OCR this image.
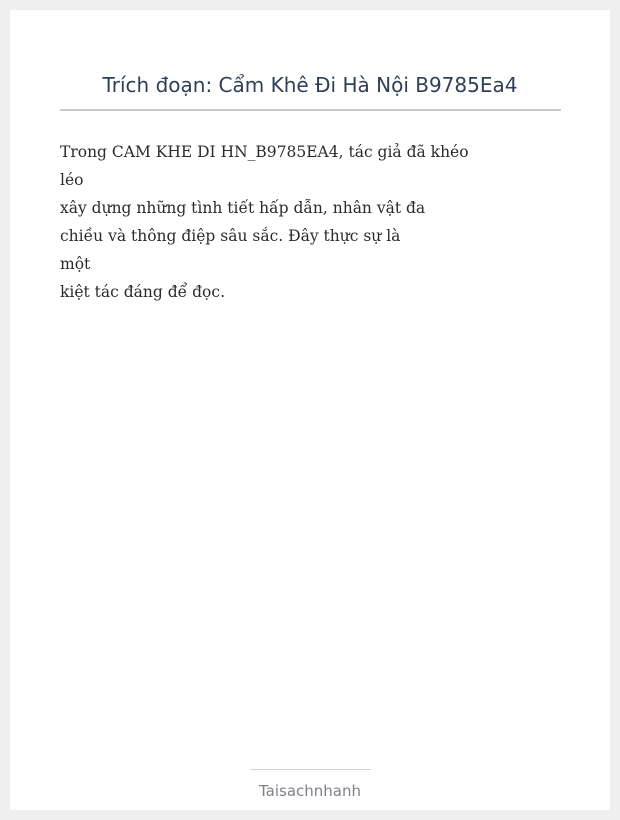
Trích đoạn: Cẩm Khê Đi Hà Nội B9785Ea4
Trong CAM KHE DI HN_B9785EA4, tác giả đã khéo
léo
xây dựng những tình tiết hấp dẫn, nhân vật đa
chiều và thông điệp sâu sắc. Đây thực sự là
một
kiệt tác đáng để đọc.
Taisachnhanh
